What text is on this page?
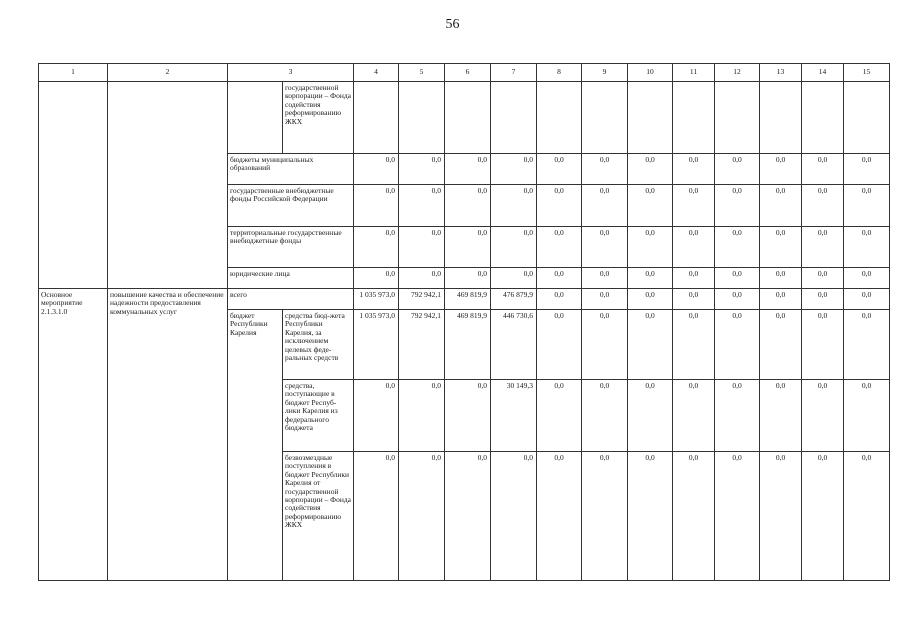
56
1	2	3		4	5	6	7	8	9	10	11	12	13	14	15
			государственной корпорации – Фонда содействия реформированию ЖКХ												
		бюджеты муниципальных образований		0,0	0,0	0,0	0,0	0,0	0,0	0,0	0,0	0,0	0,0	0,0	0,0
		государственные внебюджетные фонды Российской Федерации		0,0	0,0	0,0	0,0	0,0	0,0	0,0	0,0	0,0	0,0	0,0	0,0
		территориальные государственные внебюджетные фонды		0,0	0,0	0,0	0,0	0,0	0,0	0,0	0,0	0,0	0,0	0,0	0,0
		юридические лица		0,0	0,0	0,0	0,0	0,0	0,0	0,0	0,0	0,0	0,0	0,0	0,0
Основное мероприятие 2.1.3.1.0	повышение качества и обеспечение надежности предоставления коммунальных услуг	всего		1 035 973,0	792 942,1	469 819,9	476 879,9	0,0	0,0	0,0	0,0	0,0	0,0	0,0	0,0
		бюджет Республики Карелия	средства бюд-жета Республики Карелия, за исключением целевых феде-ральных средств	1 035 973,0	792 942,1	469 819,9	446 730,6	0,0	0,0	0,0	0,0	0,0	0,0	0,0	0,0
			средства, поступающие в бюджет Респуб-лики Карелия из федерального бюджета	0,0	0,0	0,0	30 149,3	0,0	0,0	0,0	0,0	0,0	0,0	0,0	0,0
			безвозмездные поступления в бюджет Республики Карелия от государственной корпорации – Фонда содействия реформированию ЖКХ	0,0	0,0	0,0	0,0	0,0	0,0	0,0	0,0	0,0	0,0	0,0	0,0
